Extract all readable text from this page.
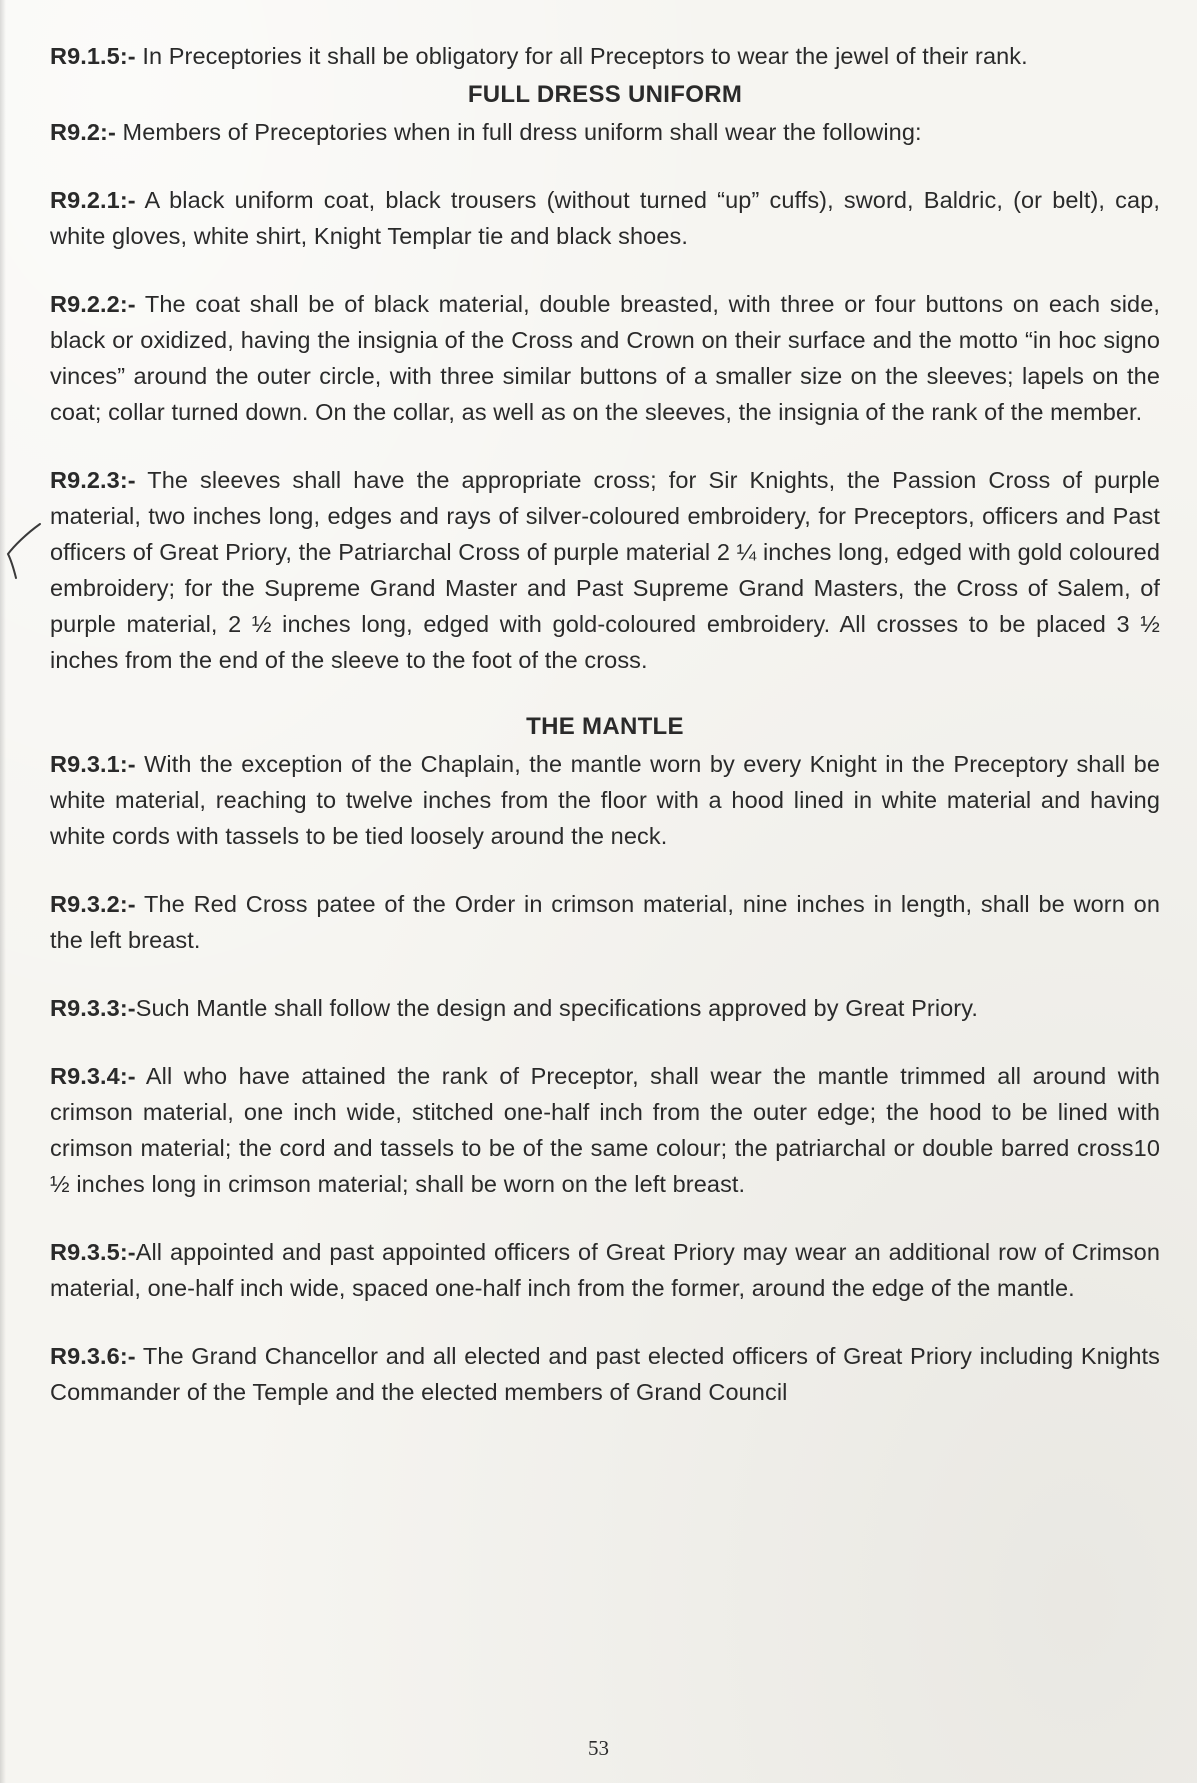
R9.1.5:- In Preceptories it shall be obligatory for all Preceptors to wear the jewel of their rank.

FULL DRESS UNIFORM

R9.2:- Members of Preceptories when in full dress uniform shall wear the following:

R9.2.1:- A black uniform coat, black trousers (without turned “up” cuffs), sword, Baldric, (or belt), cap, white gloves, white shirt, Knight Templar tie and black shoes.

R9.2.2:- The coat shall be of black material, double breasted, with three or four buttons on each side, black or oxidized, having the insignia of the Cross and Crown on their surface and the motto “in hoc signo vinces” around the outer circle, with three similar buttons of a smaller size on the sleeves; lapels on the coat; collar turned down. On the collar, as well as on the sleeves, the insignia of the rank of the member.

R9.2.3:- The sleeves shall have the appropriate cross; for Sir Knights, the Passion Cross of purple material, two inches long, edges and rays of silver-coloured embroidery, for Preceptors, officers and Past officers of Great Priory, the Patriarchal Cross of purple material 2 ¼ inches long, edged with gold coloured embroidery; for the Supreme Grand Master and Past Supreme Grand Masters, the Cross of Salem, of purple material, 2 ½ inches long, edged with gold-coloured embroidery. All crosses to be placed 3 ½ inches from the end of the sleeve to the foot of the cross.

THE MANTLE

R9.3.1:- With the exception of the Chaplain, the mantle worn by every Knight in the Preceptory shall be white material, reaching to twelve inches from the floor with a hood lined in white material and having white cords with tassels to be tied loosely around the neck.

R9.3.2:- The Red Cross patee of the Order in crimson material, nine inches in length, shall be worn on the left breast.

R9.3.3:-Such Mantle shall follow the design and specifications approved by Great Priory.

R9.3.4:- All who have attained the rank of Preceptor, shall wear the mantle trimmed all around with crimson material, one inch wide, stitched one-half inch from the outer edge; the hood to be lined with crimson material; the cord and tassels to be of the same colour; the patriarchal or double barred cross10 ½ inches long in crimson material; shall be worn on the left breast.

R9.3.5:-All appointed and past appointed officers of Great Priory may wear an additional row of Crimson material, one-half inch wide, spaced one-half inch from the former, around the edge of the mantle.

R9.3.6:- The Grand Chancellor and all elected and past elected officers of Great Priory including Knights Commander of the Temple and the elected members of Grand Council

53
